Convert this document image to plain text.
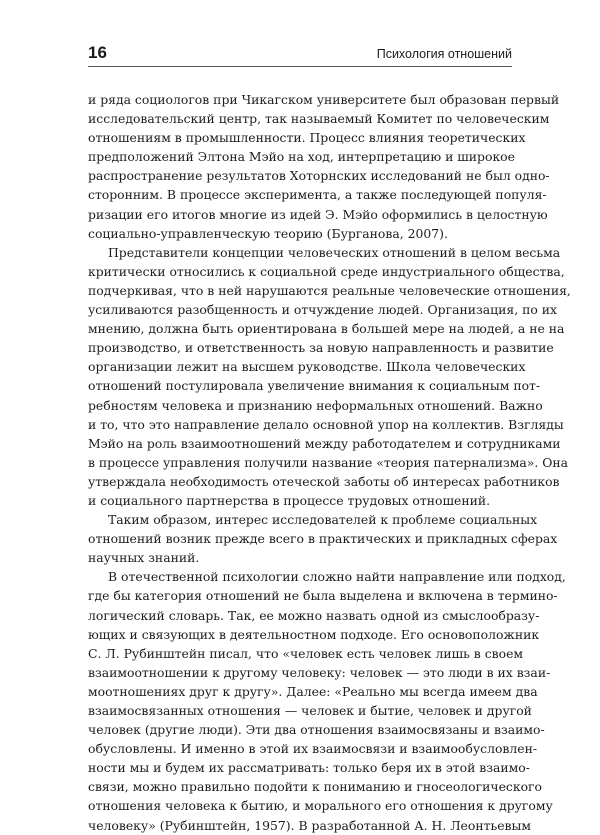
16	Психология отношений
и ряда социологов при Чикагском университете был образован первый
исследовательский центр, так называемый Комитет по человеческим
отношениям в промышленности. Процесс влияния теоретических
предположений Элтона Мэйо на ход, интерпретацию и широкое
распространение результатов Хоторнских исследований не был одно-
сторонним. В процессе эксперимента, а также последующей популя-
ризации его итогов многие из идей Э. Мэйо оформились в целостную
социально-управленческую теорию (Бурганова, 2007).
Представители концепции человеческих отношений в целом весьма
критически относились к социальной среде индустриального общества,
подчеркивая, что в ней нарушаются реальные человеческие отношения,
усиливаются разобщенность и отчуждение людей. Организация, по их
мнению, должна быть ориентирована в большей мере на людей, а не на
производство, и ответственность за новую направленность и развитие
организации лежит на высшем руководстве. Школа человеческих
отношений постулировала увеличение внимания к социальным пот-
ребностям человека и признанию неформальных отношений. Важно
и то, что это направление делало основной упор на коллектив. Взгляды
Мэйо на роль взаимоотношений между работодателем и сотрудниками
в процессе управления получили название «теория патернализма». Она
утверждала необходимость отеческой заботы об интересах работников
и социального партнерства в процессе трудовых отношений.
Таким образом, интерес исследователей к проблеме социальных
отношений возник прежде всего в практических и прикладных сферах
научных знаний.
В отечественной психологии сложно найти направление или подход,
где бы категория отношений не была выделена и включена в термино-
логический словарь. Так, ее можно назвать одной из смыслообразу-
ющих и связующих в деятельностном подходе. Его основоположник
С. Л. Рубинштейн писал, что «человек есть человек лишь в своем
взаимоотношении к другому человеку: человек — это люди в их взаи-
моотношениях друг к другу». Далее: «Реально мы всегда имеем два
взаимосвязанных отношения — человек и бытие, человек и другой
человек (другие люди). Эти два отношения взаимосвязаны и взаимо-
обусловлены. И именно в этой их взаимосвязи и взаимообусловлен-
ности мы и будем их рассматривать: только беря их в этой взаимо-
связи, можно правильно подойти к пониманию и гносеологического
отношения человека к бытию, и морального его отношения к другому
человеку» (Рубинштейн, 1957). В разработанной А. Н. Леонтьевым
